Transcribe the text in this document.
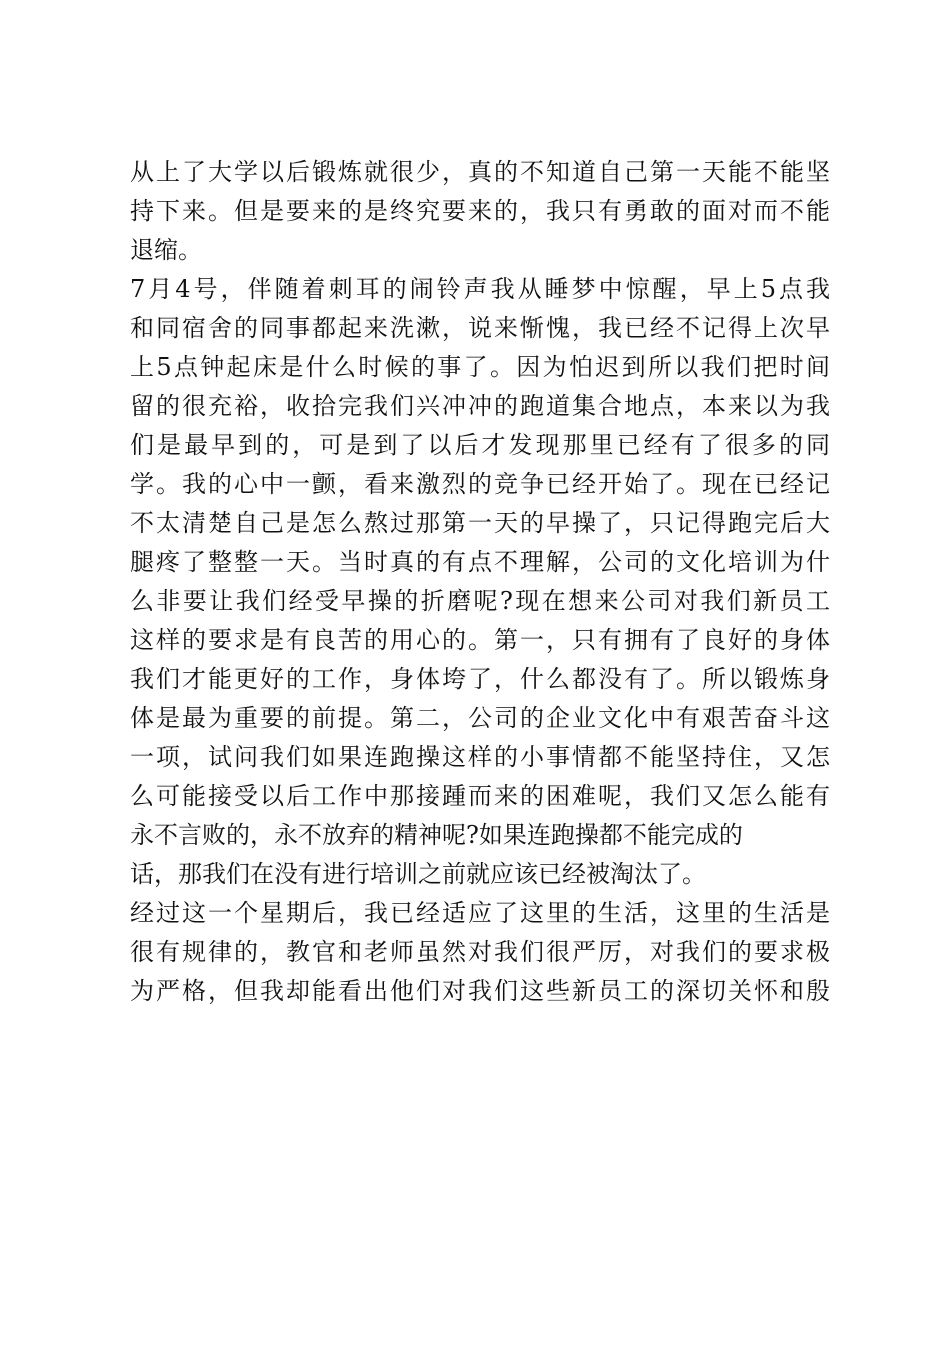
从上了大学以后锻炼就很少，真的不知道自己第一天能不能坚
持下来。但是要来的是终究要来的，我只有勇敢的面对而不能
退缩。
7月4号，伴随着刺耳的闹铃声我从睡梦中惊醒，早上5点我
和同宿舍的同事都起来洗漱，说来惭愧，我已经不记得上次早
上5点钟起床是什么时候的事了。因为怕迟到所以我们把时间
留的很充裕，收拾完我们兴冲冲的跑道集合地点，本来以为我
们是最早到的，可是到了以后才发现那里已经有了很多的同
学。我的心中一颤，看来激烈的竞争已经开始了。现在已经记
不太清楚自己是怎么熬过那第一天的早操了，只记得跑完后大
腿疼了整整一天。当时真的有点不理解，公司的文化培训为什
么非要让我们经受早操的折磨呢?现在想来公司对我们新员工
这样的要求是有良苦的用心的。第一，只有拥有了良好的身体
我们才能更好的工作，身体垮了，什么都没有了。所以锻炼身
体是最为重要的前提。第二，公司的企业文化中有艰苦奋斗这
一项，试问我们如果连跑操这样的小事情都不能坚持住，又怎
么可能接受以后工作中那接踵而来的困难呢，我们又怎么能有
永不言败的，永不放弃的精神呢?如果连跑操都不能完成的
话，那我们在没有进行培训之前就应该已经被淘汰了。
经过这一个星期后，我已经适应了这里的生活，这里的生活是
很有规律的，教官和老师虽然对我们很严厉，对我们的要求极
为严格，但我却能看出他们对我们这些新员工的深切关怀和殷
